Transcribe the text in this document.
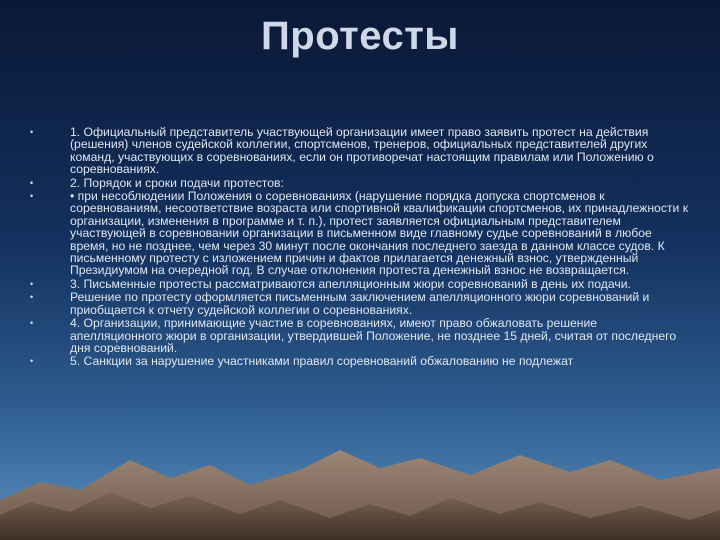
Протесты
•	1. Официальный представитель участвующей организации имеет право заявить протест на действия (решения) членов судейской коллегии, спортсменов, тренеров, официальных представителей других команд, участвующих в соревнованиях, если он противоречат настоящим правилам или Положению о соревнованиях.
•	2. Порядок и сроки подачи протестов:
•	• при несоблюдении Положения о соревнованиях (нарушение порядка допуска спортсменов к соревнованиям, несоответствие возраста или спортивной квалификации спортсменов, их принадлежности к организации, изменения в программе и т. п.), протест заявляется официальным представителем участвующей в соревновании организации в письменном виде главному судье соревнований в любое время, но не позднее, чем через 30 минут после окончания последнего заезда в данном классе судов. К письменному протесту с изложением причин и фактов прилагается денежный взнос, утвержденный Президиумом на очередной год. В случае отклонения протеста денежный взнос не возвращается.
•	3. Письменные протесты рассматриваются апелляционным жюри соревнований в день их подачи.
•	Решение по протесту оформляется письменным заключением апелляционного жюри соревнований и приобщается к отчету судейской коллегии о соревнованиях.
•	4. Организации, принимающие участие в соревнованиях, имеют право обжаловать решение апелляционного жюри в организации, утвердившей Положение, не позднее 15 дней, считая от последнего дня соревнований.
•	5. Санкции за нарушение участниками правил соревнований обжалованию не подлежат
